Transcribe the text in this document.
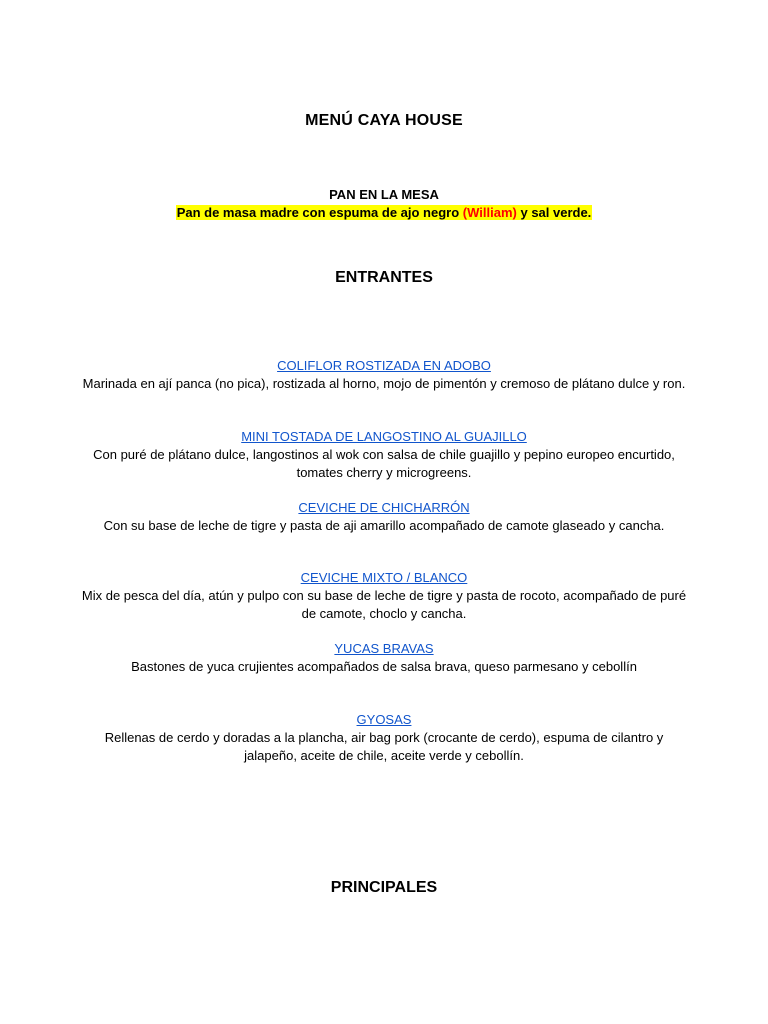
MENÚ CAYA HOUSE
PAN EN LA MESA
Pan de masa madre con espuma de ajo negro (William) y sal verde.
ENTRANTES
COLIFLOR ROSTIZADA EN ADOBO
Marinada en ají panca (no pica), rostizada al horno, mojo de pimentón y cremoso de plátano dulce y ron.
MINI TOSTADA DE LANGOSTINO AL GUAJILLO
Con puré de plátano dulce, langostinos al wok con salsa de chile guajillo y pepino europeo encurtido, tomates cherry y microgreens.
CEVICHE DE CHICHARRÓN
Con su base de leche de tigre y pasta de aji amarillo acompañado de camote glaseado y cancha.
CEVICHE MIXTO / BLANCO
Mix de pesca del día, atún y pulpo con su base de leche de tigre y pasta de rocoto, acompañado de puré de camote, choclo y cancha.
YUCAS BRAVAS
Bastones de yuca crujientes acompañados de salsa brava, queso parmesano y cebollín
GYOSAS
Rellenas de cerdo y doradas a la plancha, air bag pork (crocante de cerdo), espuma de cilantro y jalapeño, aceite de chile, aceite verde y cebollín.
PRINCIPALES
